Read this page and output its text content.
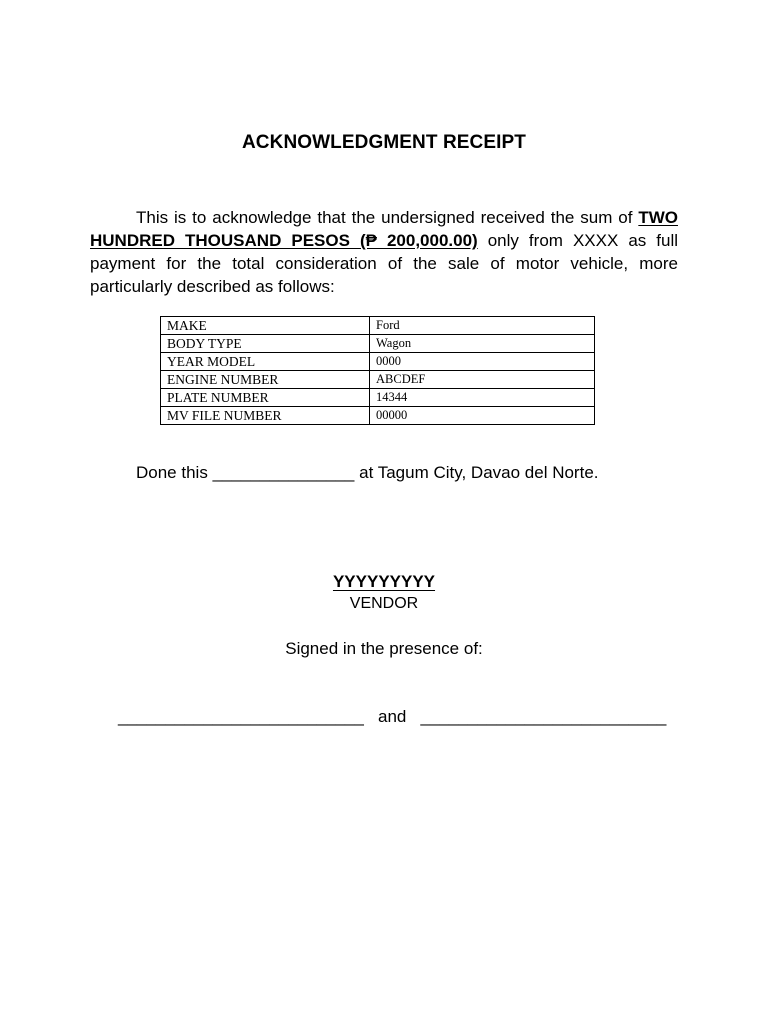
ACKNOWLEDGMENT RECEIPT
This is to acknowledge that the undersigned received the sum of TWO HUNDRED THOUSAND PESOS (₱ 200,000.00) only from XXXX as full payment for the total consideration of the sale of motor vehicle, more particularly described as follows:
MAKE	Ford
BODY TYPE	Wagon
YEAR MODEL	0000
ENGINE NUMBER	ABCDEF
PLATE NUMBER	14344
MV FILE NUMBER	00000
Done this _______________ at Tagum City, Davao del Norte.
YYYYYYYYY
VENDOR
Signed in the presence of:
__________________________ and __________________________
